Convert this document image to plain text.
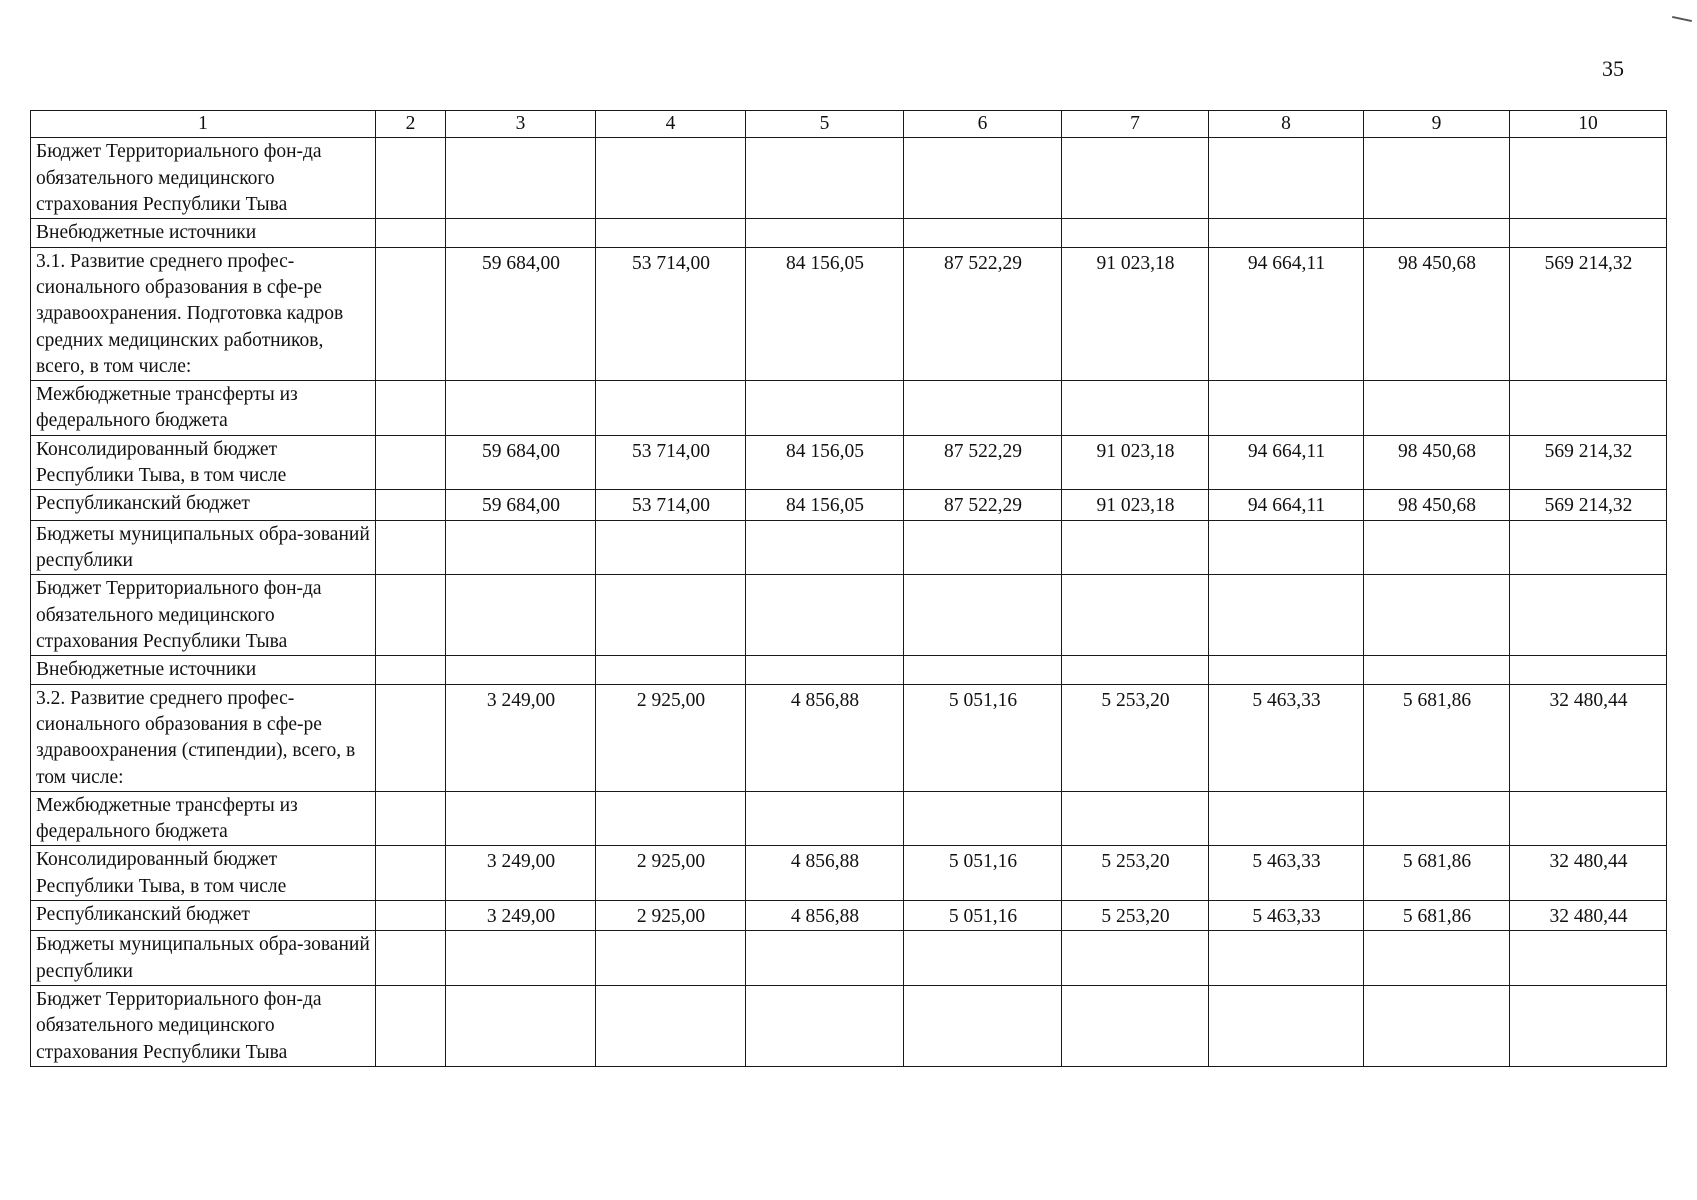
35
1	2	3	4	5	6	7	8	9	10
Бюджет Территориального фон-да обязательного медицинского страхования Республики Тыва									
Внебюджетные источники									
3.1. Развитие среднего профес-сионального образования в сфе-ре здравоохранения. Подготовка кадров средних медицинских работников, всего, в том числе:		59 684,00	53 714,00	84 156,05	87 522,29	91 023,18	94 664,11	98 450,68	569 214,32
Межбюджетные трансферты из федерального бюджета									
Консолидированный бюджет Республики Тыва, в том числе		59 684,00	53 714,00	84 156,05	87 522,29	91 023,18	94 664,11	98 450,68	569 214,32
Республиканский бюджет		59 684,00	53 714,00	84 156,05	87 522,29	91 023,18	94 664,11	98 450,68	569 214,32
Бюджеты муниципальных обра-зований республики									
Бюджет Территориального фон-да обязательного медицинского страхования Республики Тыва									
Внебюджетные источники									
3.2. Развитие среднего профес-сионального образования в сфе-ре здравоохранения (стипендии), всего, в том числе:		3 249,00	2 925,00	4 856,88	5 051,16	5 253,20	5 463,33	5 681,86	32 480,44
Межбюджетные трансферты из федерального бюджета									
Консолидированный бюджет Республики Тыва, в том числе		3 249,00	2 925,00	4 856,88	5 051,16	5 253,20	5 463,33	5 681,86	32 480,44
Республиканский бюджет		3 249,00	2 925,00	4 856,88	5 051,16	5 253,20	5 463,33	5 681,86	32 480,44
Бюджеты муниципальных обра-зований республики									
Бюджет Территориального фон-да обязательного медицинского страхования Республики Тыва									
